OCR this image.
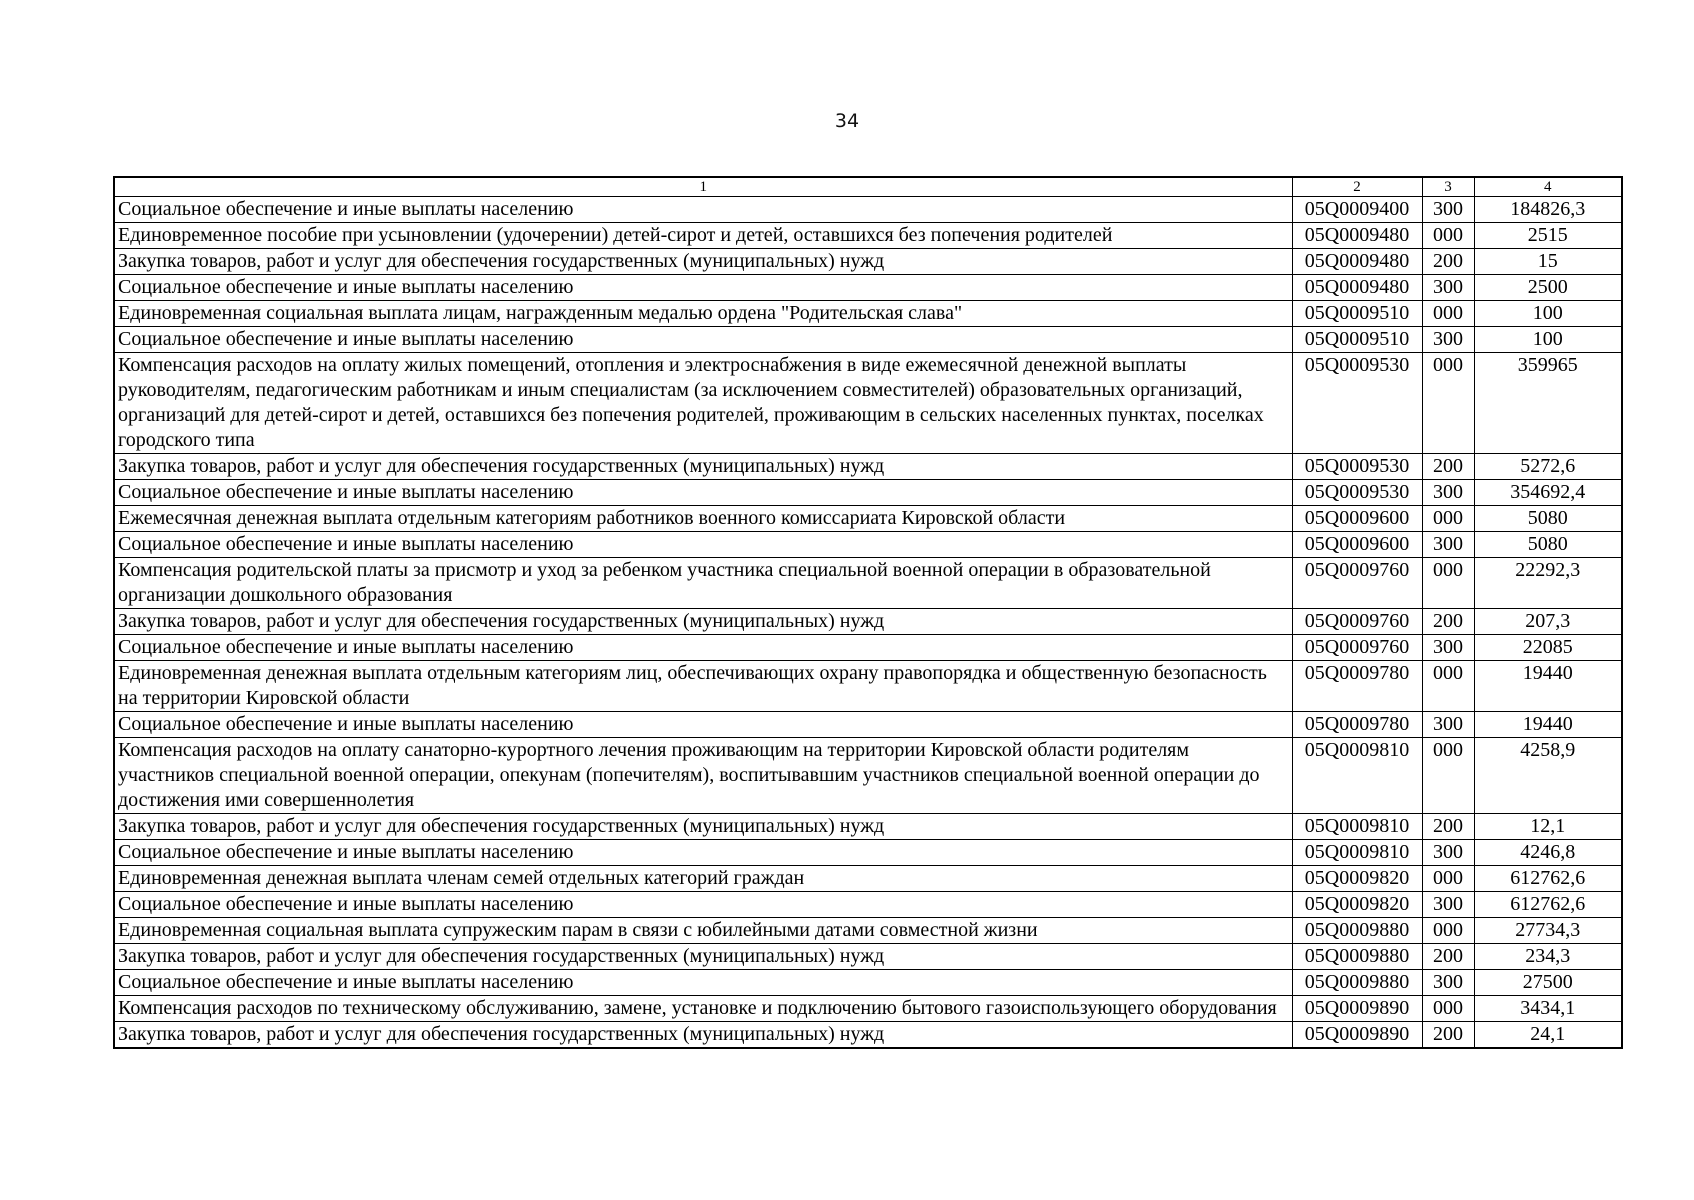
34
1	2	3	4
Социальное обеспечение и иные выплаты населению	05Q0009400	300	184826,3
Единовременное пособие при усыновлении (удочерении) детей-сирот и детей, оставшихся без попечения родителей	05Q0009480	000	2515
Закупка товаров, работ и услуг для обеспечения государственных (муниципальных) нужд	05Q0009480	200	15
Социальное обеспечение и иные выплаты населению	05Q0009480	300	2500
Единовременная социальная выплата лицам, награжденным медалью ордена "Родительская слава"	05Q0009510	000	100
Социальное обеспечение и иные выплаты населению	05Q0009510	300	100
Компенсация расходов на оплату жилых помещений, отопления и электроснабжения в виде ежемесячной денежной выплаты руководителям, педагогическим работникам и иным специалистам (за исключением совместителей) образовательных организаций, организаций для детей-сирот и детей, оставшихся без попечения родителей, проживающим в сельских населенных пунктах, поселках городского типа	05Q0009530	000	359965
Закупка товаров, работ и услуг для обеспечения государственных (муниципальных) нужд	05Q0009530	200	5272,6
Социальное обеспечение и иные выплаты населению	05Q0009530	300	354692,4
Ежемесячная денежная выплата отдельным категориям работников военного комиссариата Кировской области	05Q0009600	000	5080
Социальное обеспечение и иные выплаты населению	05Q0009600	300	5080
Компенсация родительской платы за присмотр и уход за ребенком участника специальной военной операции в образовательной организации дошкольного образования	05Q0009760	000	22292,3
Закупка товаров, работ и услуг для обеспечения государственных (муниципальных) нужд	05Q0009760	200	207,3
Социальное обеспечение и иные выплаты населению	05Q0009760	300	22085
Единовременная денежная выплата отдельным категориям лиц, обеспечивающих охрану правопорядка и общественную безопасность на территории Кировской области	05Q0009780	000	19440
Социальное обеспечение и иные выплаты населению	05Q0009780	300	19440
Компенсация расходов на оплату санаторно-курортного лечения проживающим на территории Кировской области родителям участников специальной военной операции, опекунам (попечителям), воспитывавшим участников специальной военной операции до достижения ими совершеннолетия	05Q0009810	000	4258,9
Закупка товаров, работ и услуг для обеспечения государственных (муниципальных) нужд	05Q0009810	200	12,1
Социальное обеспечение и иные выплаты населению	05Q0009810	300	4246,8
Единовременная денежная выплата членам семей отдельных категорий граждан	05Q0009820	000	612762,6
Социальное обеспечение и иные выплаты населению	05Q0009820	300	612762,6
Единовременная социальная выплата супружеским парам в связи с юбилейными датами совместной жизни	05Q0009880	000	27734,3
Закупка товаров, работ и услуг для обеспечения государственных (муниципальных) нужд	05Q0009880	200	234,3
Социальное обеспечение и иные выплаты населению	05Q0009880	300	27500
Компенсация расходов по техническому обслуживанию, замене, установке и подключению бытового газоиспользующего оборудования	05Q0009890	000	3434,1
Закупка товаров, работ и услуг для обеспечения государственных (муниципальных) нужд	05Q0009890	200	24,1
